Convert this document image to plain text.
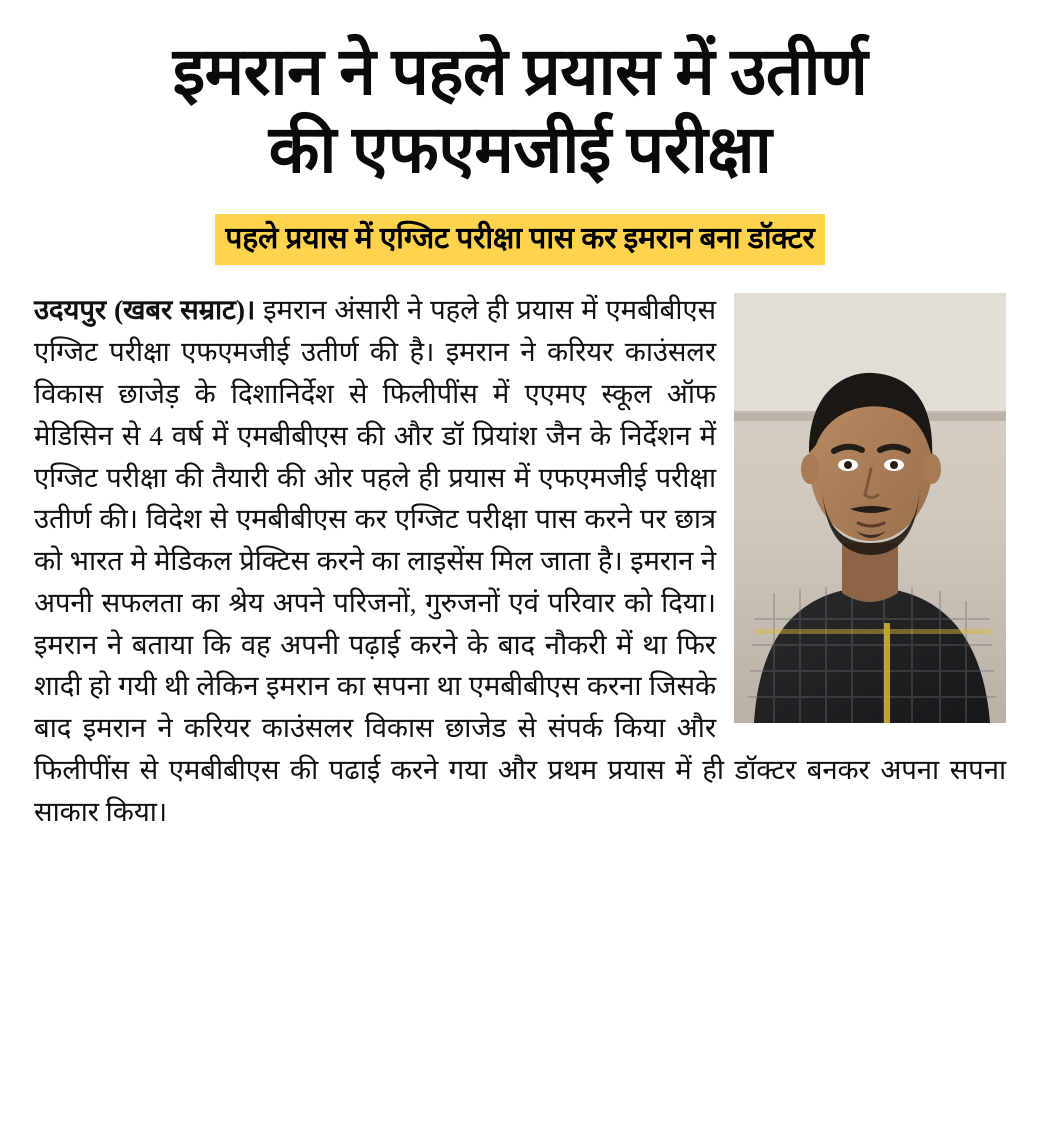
इमरान ने पहले प्रयास में उतीर्ण
की एफएमजीई परीक्षा
पहले प्रयास में एग्जिट परीक्षा पास कर इमरान बना डॉक्टर

उदयपुर (खबर सम्राट)। इमरान अंसारी ने पहले ही प्रयास में एमबीबीएस एग्जिट परीक्षा एफएमजीई उतीर्ण की है। इमरान ने करियर काउंसलर विकास छाजेड़ के दिशानिर्देश से फिलीपींस में एएमए स्कूल ऑफ मेडिसिन से 4 वर्ष में एमबीबीएस की और डॉ प्रियांश जैन के निर्देशन में एग्जिट परीक्षा की तैयारी की ओर पहले ही प्रयास में एफएमजीई परीक्षा उतीर्ण की। विदेश से एमबीबीएस कर एग्जिट परीक्षा पास करने पर छात्र को भारत मे मेडिकल प्रेक्टिस करने का लाइसेंस मिल जाता है। इमरान ने अपनी सफलता का श्रेय अपने परिजनों, गुरुजनों एवं परिवार को दिया। इमरान ने बताया कि वह अपनी पढ़ाई करने के बाद नौकरी में था फिर शादी हो गयी थी लेकिन इमरान का सपना था एमबीबीएस करना जिसके बाद इमरान ने करियर काउंसलर विकास छाजेड से संपर्क किया और फिलीपींस से एमबीबीएस की पढाई करने गया और प्रथम प्रयास में ही डॉक्टर बनकर अपना सपना साकार किया।
